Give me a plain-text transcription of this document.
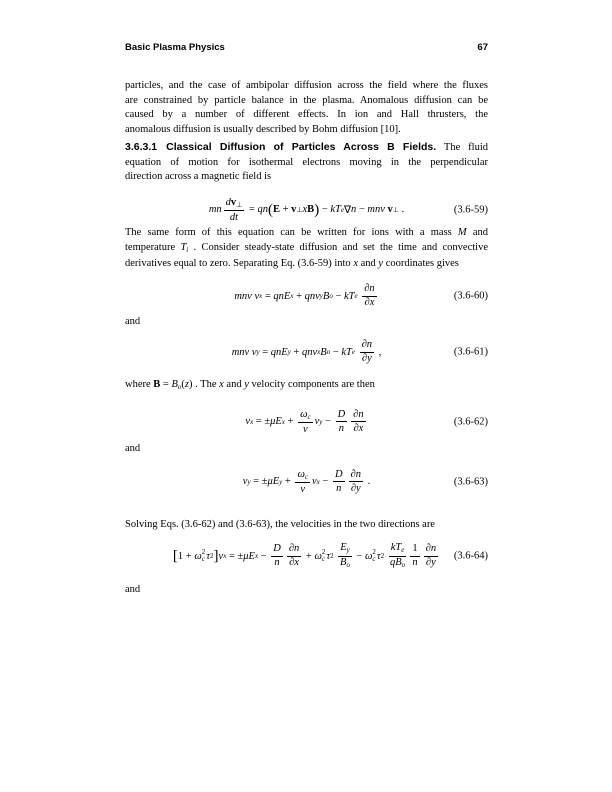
Basic Plasma Physics	67
particles, and the case of ambipolar diffusion across the field where the fluxes
are constrained by particle balance in the plasma. Anomalous diffusion can be
caused by a number of different effects. In ion and Hall thrusters, the
anomalous diffusion is usually described by Bohm diffusion [10].
3.6.3.1 Classical Diffusion of Particles Across B Fields. The fluid
equation of motion for isothermal electrons moving in the perpendicular
direction across a magnetic field is
mn $\frac{dv\perp}{dt}$ = qn ( E + v ⊥ x B ) − kT e ∇ n − mnν v ⊥ .	(3.6-59)
The same form of this equation can be written for ions with a mass M and
temperature Ti . Consider steady-state diffusion and set the time and convective
derivatives equal to zero. Separating Eq. (3.6-59) into x and y coordinates gives
mnν v x = qnE x + qnv y B o − kT e
$\frac{\partial n}{\partial x}$	(3.6-60)
and
mnν v y = qnE y + qnv x B o − kT e
$\frac{\partial n}{\partial y}$ ,	(3.6-61)
where B = Bo(z) . The x and y velocity components are then
v x = ± μE $x + \frac{\omega c}{\nu}$ v $y - \frac{D}{n} \frac{\partial n}{\partial x}$	(3.6-62)
and
v y = ± μE $y + \frac{\omega c}{\nu}$ v $x - \frac{D}{n} \frac{\partial n}{\partial y}$ .	(3.6-63)
Solving Eqs. (3.6-62) and (3.6-63), the velocities in the two directions are
[ 1 + ω 2
c τ 2 ] v x = ± μE $x - \frac{D}{n} \frac{\partial n}{\partial x} + \omega$ 2
c τ 2
$\frac{Ey}{Bo} - \omega$ 2
c τ 2
$\frac{\text{kTe}}{\text{qBo}} \frac{1}{n} \frac{\partial n}{\partial y} (3.6-64)$
and
